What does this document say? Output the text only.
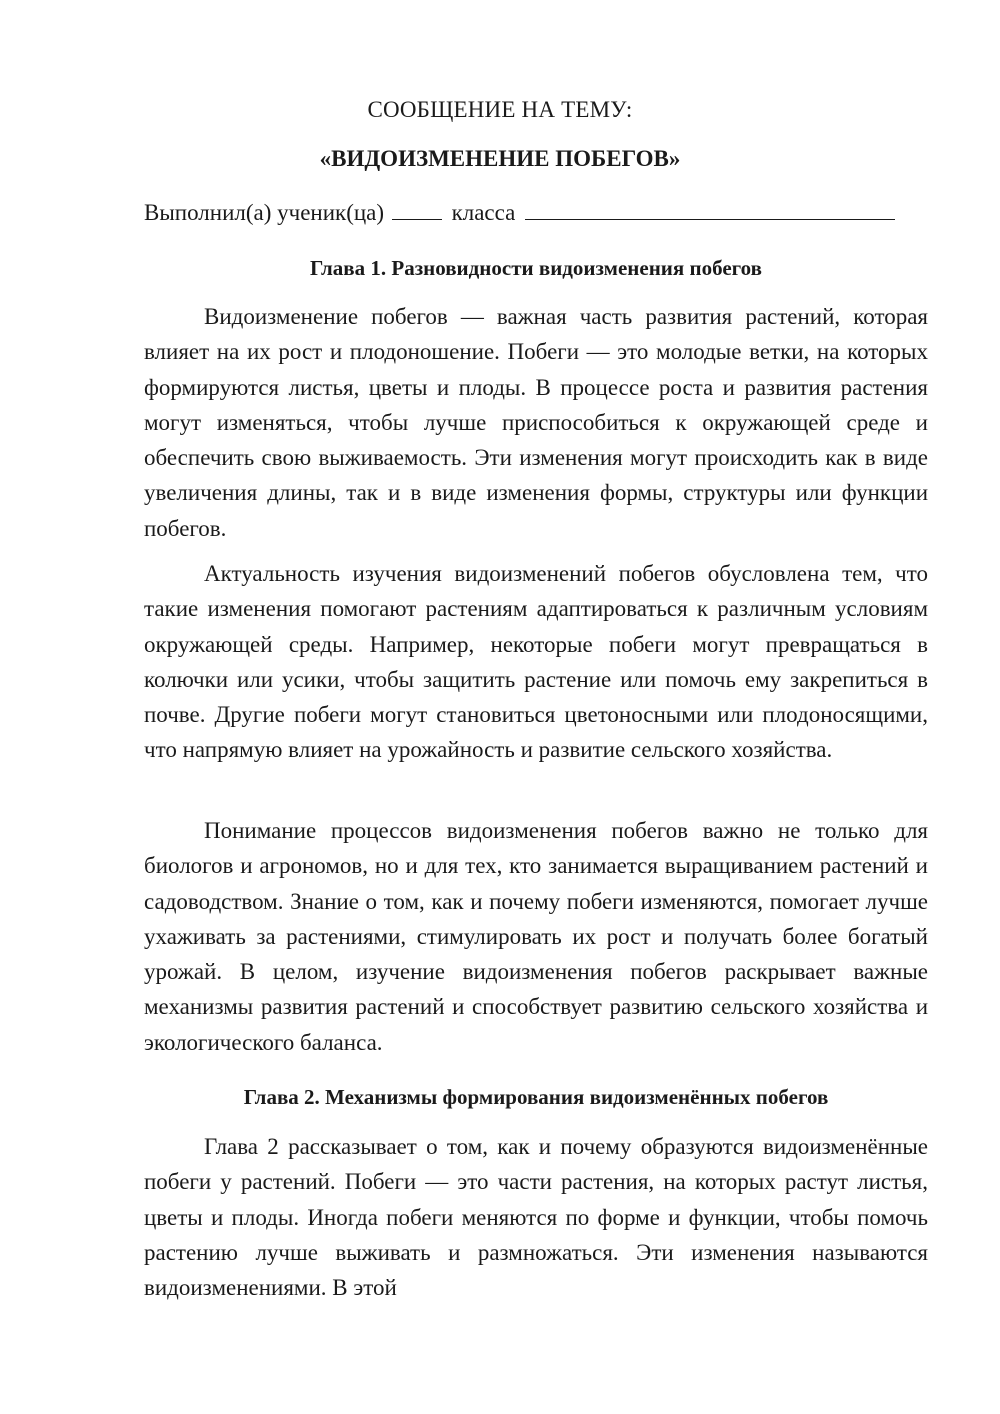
СООБЩЕНИЕ НА ТЕМУ:

«ВИДОИЗМЕНЕНИЕ ПОБЕГОВ»

Выполнил(а) ученик(ца)	класса
Глава 1. Разновидности видоизменения побегов

Видоизменение побегов — важная часть развития растений, которая влияет на их рост и плодоношение. Побеги — это молодые ветки, на которых формируются листья, цветы и плоды. В процессе роста и развития растения могут изменяться, чтобы лучше приспособиться к окружающей среде и обеспечить свою выживаемость. Эти изменения могут происходить как в виде увеличения длины, так и в виде изменения формы, структуры или функции побегов.

Актуальность изучения видоизменений побегов обусловлена тем, что такие изменения помогают растениям адаптироваться к различным условиям окружающей среды. Например, некоторые побеги могут превращаться в колючки или усики, чтобы защитить растение или помочь ему закрепиться в почве. Другие побеги могут становиться цветоносными или плодоносящими, что напрямую влияет на урожайность и развитие сельского хозяйства.

Понимание процессов видоизменения побегов важно не только для биологов и агрономов, но и для тех, кто занимается выращиванием растений и садоводством. Знание о том, как и почему побеги изменяются, помогает лучше ухаживать за растениями, стимулировать их рост и получать более богатый урожай. В целом, изучение видоизменения побегов раскрывает важные механизмы развития растений и способствует развитию сельского хозяйства и экологического баланса.

Глава 2. Механизмы формирования видоизменённых побегов

Глава 2 рассказывает о том, как и почему образуются видоизменённые побеги у растений. Побеги — это части растения, на которых растут листья, цветы и плоды. Иногда побеги меняются по форме и функции, чтобы помочь растению лучше выживать и размножаться. Эти изменения называются видоизменениями. В этой
